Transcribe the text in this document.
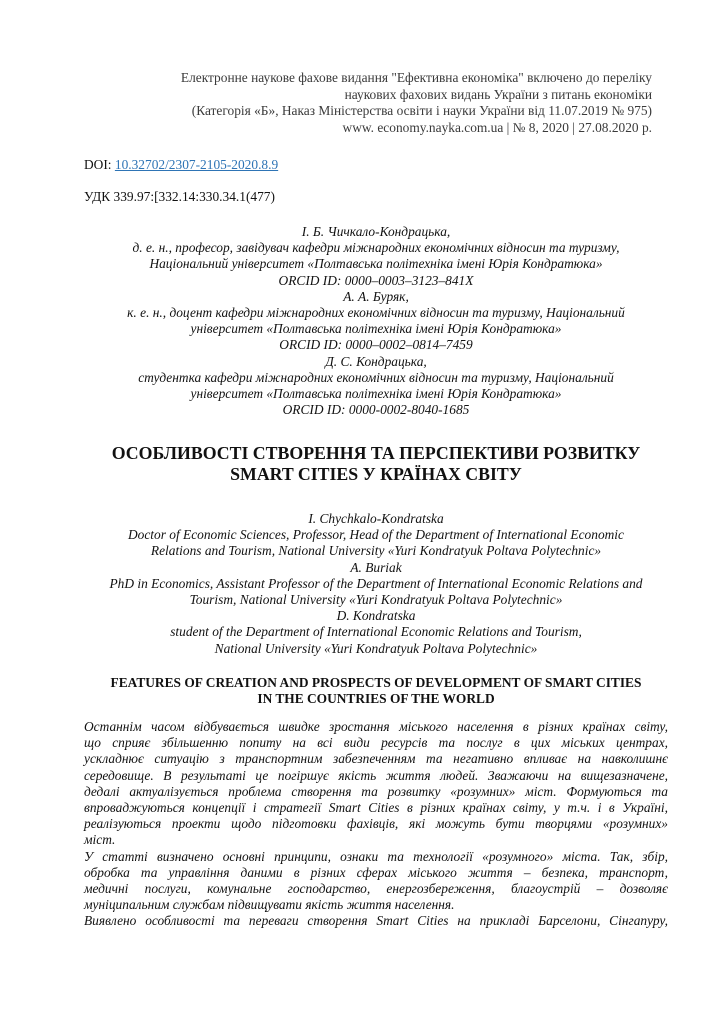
Електронне наукове фахове видання "Ефективна економіка" включено до переліку
наукових фахових видань України з питань економіки
(Категорія «Б», Наказ Міністерства освіти і науки України від 11.07.2019 № 975)
www. economy.nayka.com.ua | № 8, 2020 | 27.08.2020 р.
DOI: 10.32702/2307-2105-2020.8.9
УДК 339.97:[332.14:330.34.1(477)
І. Б. Чичкало-Кондрацька,
д. е. н., професор, завідувач кафедри міжнародних економічних відносин та туризму,
Національний університет «Полтавська політехніка імені Юрія Кондратюка»
ORCID ID: 0000–0003–3123–841X
А. А. Буряк,
к. е. н., доцент кафедри міжнародних економічних відносин та туризму, Національний
університет «Полтавська політехніка імені Юрія Кондратюка»
ORCID ID: 0000–0002–0814–7459
Д. С. Кондрацька,
студентка кафедри міжнародних економічних відносин та туризму, Національний
університет «Полтавська політехніка імені Юрія Кондратюка»
ORCID ID: 0000-0002-8040-1685
ОСОБЛИВОСТІ СТВОРЕННЯ ТА ПЕРСПЕКТИВИ РОЗВИТКУ
SMART CITIES У КРАЇНАХ СВІТУ
I. Chychkalo-Kondratska
Doctor of Economic Sciences, Professor, Head of the Department of International Economic
Relations and Tourism, National University «Yuri Kondratyuk Poltava Polytechnic»
A. Buriak
PhD in Economics, Assistant Professor of the Department of International Economic Relations and
Tourism, National University «Yuri Kondratyuk Poltava Polytechnic»
D. Kondratska
student of the Department of International Economic Relations and Tourism,
National University «Yuri Kondratyuk Poltava Polytechnic»
FEATURES OF CREATION AND PROSPECTS OF DEVELOPMENT OF SMART CITIES
IN THE COUNTRIES OF THE WORLD
Останнім часом відбувається швидке зростання міського населення в різних країнах світу,
що сприяє збільшенню попиту на всі види ресурсів та послуг в цих міських центрах,
ускладнює ситуацію з транспортним забезпеченням та негативно впливає на навколишнє
середовище. В результаті це погіршує якість життя людей. Зважаючи на вищезазначене,
дедалі актуалізується проблема створення та розвитку «розумних» міст. Формуються та
впроваджуються концепції і стратегії Smart Cities в різних країнах світу, у т.ч. і в Україні,
реалізуються проекти щодо підготовки фахівців, які можуть бути творцями «розумних»
міст.
У статті визначено основні принципи, ознаки та технології «розумного» міста. Так, збір,
обробка та управління даними в різних сферах міського життя – безпека, транспорт,
медичні послуги, комунальне господарство, енергозбереження, благоустрій – дозволяє
муніципальним службам підвищувати якість життя населення.
Виявлено особливості та переваги створення Smart Cities на прикладі Барселони, Сінгапуру,
